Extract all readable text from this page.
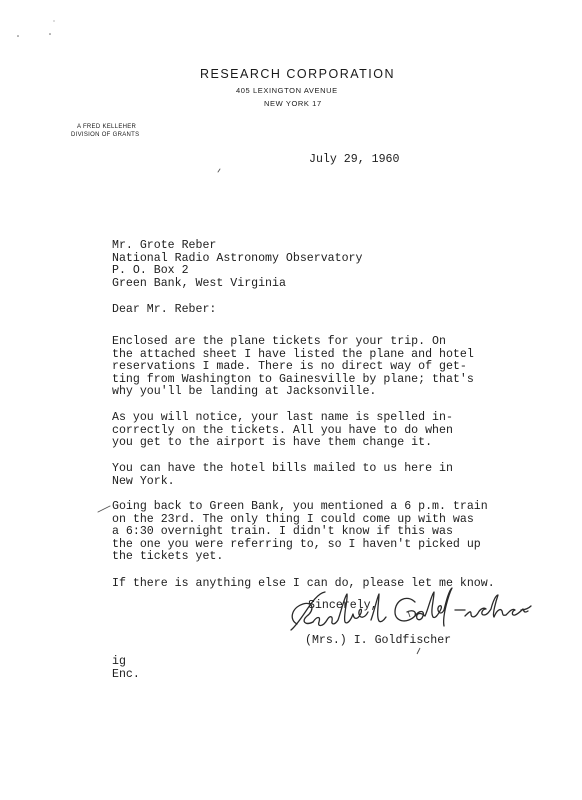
RESEARCH CORPORATION
405 LEXINGTON AVENUE
NEW YORK 17
A FRED KELLEHER
DIVISION OF GRANTS
July 29, 1960
Mr. Grote Reber
National Radio Astronomy Observatory
P. O. Box 2
Green Bank, West Virginia
Dear Mr. Reber:
Enclosed are the plane tickets for your trip. On
the attached sheet I have listed the plane and hotel
reservations I made. There is no direct way of get-
ting from Washington to Gainesville by plane; that's
why you'll be landing at Jacksonville.
As you will notice, your last name is spelled in-
correctly on the tickets. All you have to do when
you get to the airport is have them change it.
You can have the hotel bills mailed to us here in
New York.
Going back to Green Bank, you mentioned a 6 p.m. train
on the 23rd. The only thing I could come up with was
a 6:30 overnight train. I didn't know if this was
the one you were referring to, so I haven't picked up
the tickets yet.
If there is anything else I can do, please let me know.
Sincerely,
(Mrs.) I. Goldfischer
ig
Enc.
